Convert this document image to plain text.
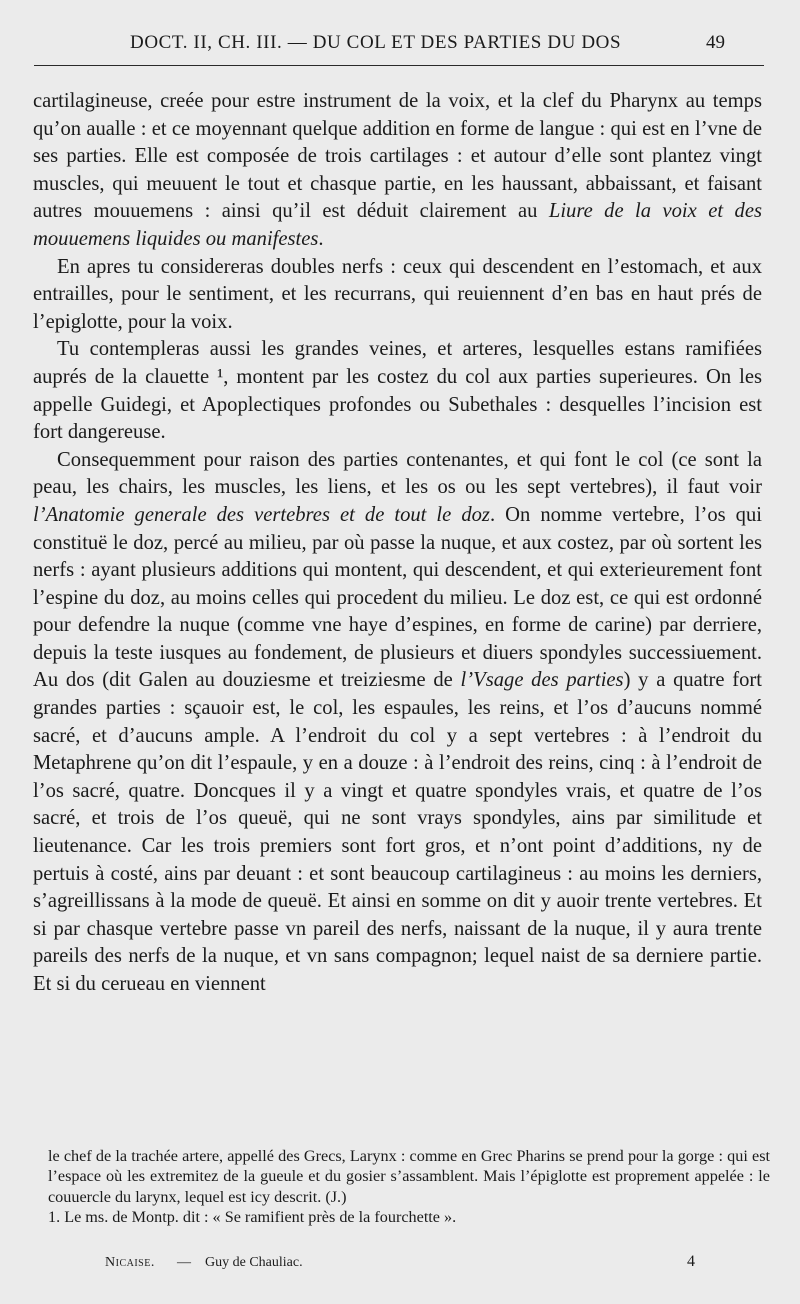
DOCT. II, CH. III. — DU COL ET DES PARTIES DU DOS	49

cartilagineuse, creée pour estre instrument de la voix, et la clef du Pharynx au temps qu’on aualle : et ce moyennant quelque addition en forme de langue : qui est en l’vne de ses parties. Elle est composée de trois cartilages : et autour d’elle sont plantez vingt muscles, qui meuuent le tout et chasque partie, en les haussant, abbaissant, et faisant autres mouuemens : ainsi qu’il est déduit clairement au Liure de la voix et des mouuemens liquides ou manifestes.

En apres tu considereras doubles nerfs : ceux qui descendent en l’estomach, et aux entrailles, pour le sentiment, et les recurrans, qui reuiennent d’en bas en haut prés de l’epiglotte, pour la voix.

Tu contempleras aussi les grandes veines, et arteres, lesquelles estans ramifiées auprés de la clauette ¹, montent par les costez du col aux parties superieures. On les appelle Guidegi, et Apoplectiques profondes ou Subethales : desquelles l’incision est fort dangereuse.

Consequemment pour raison des parties contenantes, et qui font le col (ce sont la peau, les chairs, les muscles, les liens, et les os ou les sept vertebres), il faut voir l’Anatomie generale des vertebres et de tout le doz. On nomme vertebre, l’os qui constituë le doz, percé au milieu, par où passe la nuque, et aux costez, par où sortent les nerfs : ayant plusieurs additions qui montent, qui descendent, et qui exterieurement font l’espine du doz, au moins celles qui procedent du milieu. Le doz est, ce qui est ordonné pour defendre la nuque (comme vne haye d’espines, en forme de carine) par derriere, depuis la teste iusques au fondement, de plusieurs et diuers spondyles successiuement. Au dos (dit Galen au douziesme et treiziesme de l’Vsage des parties) y a quatre fort grandes parties : sçauoir est, le col, les espaules, les reins, et l’os d’aucuns nommé sacré, et d’aucuns ample. A l’endroit du col y a sept vertebres : à l’endroit du Metaphrene qu’on dit l’espaule, y en a douze : à l’endroit des reins, cinq : à l’endroit de l’os sacré, quatre. Doncques il y a vingt et quatre spondyles vrais, et quatre de l’os sacré, et trois de l’os queuë, qui ne sont vrays spondyles, ains par similitude et lieutenance. Car les trois premiers sont fort gros, et n’ont point d’additions, ny de pertuis à costé, ains par deuant : et sont beaucoup cartilagineus : au moins les derniers, s’agreillissans à la mode de queuë. Et ainsi en somme on dit y auoir trente vertebres. Et si par chasque vertebre passe vn pareil des nerfs, naissant de la nuque, il y aura trente pareils des nerfs de la nuque, et vn sans compagnon; lequel naist de sa derniere partie. Et si du cerueau en viennent

le chef de la trachée artere, appellé des Grecs, Larynx : comme en Grec Pharins se prend pour la gorge : qui est l’espace où les extremitez de la gueule et du gosier s’assamblent. Mais l’épiglotte est proprement appelée : le couuercle du larynx, lequel est icy descrit. (J.)

1. Le ms. de Montp. dit : « Se ramifient près de la fourchette ».

Nicaise. — Guy de Chauliac.	4
